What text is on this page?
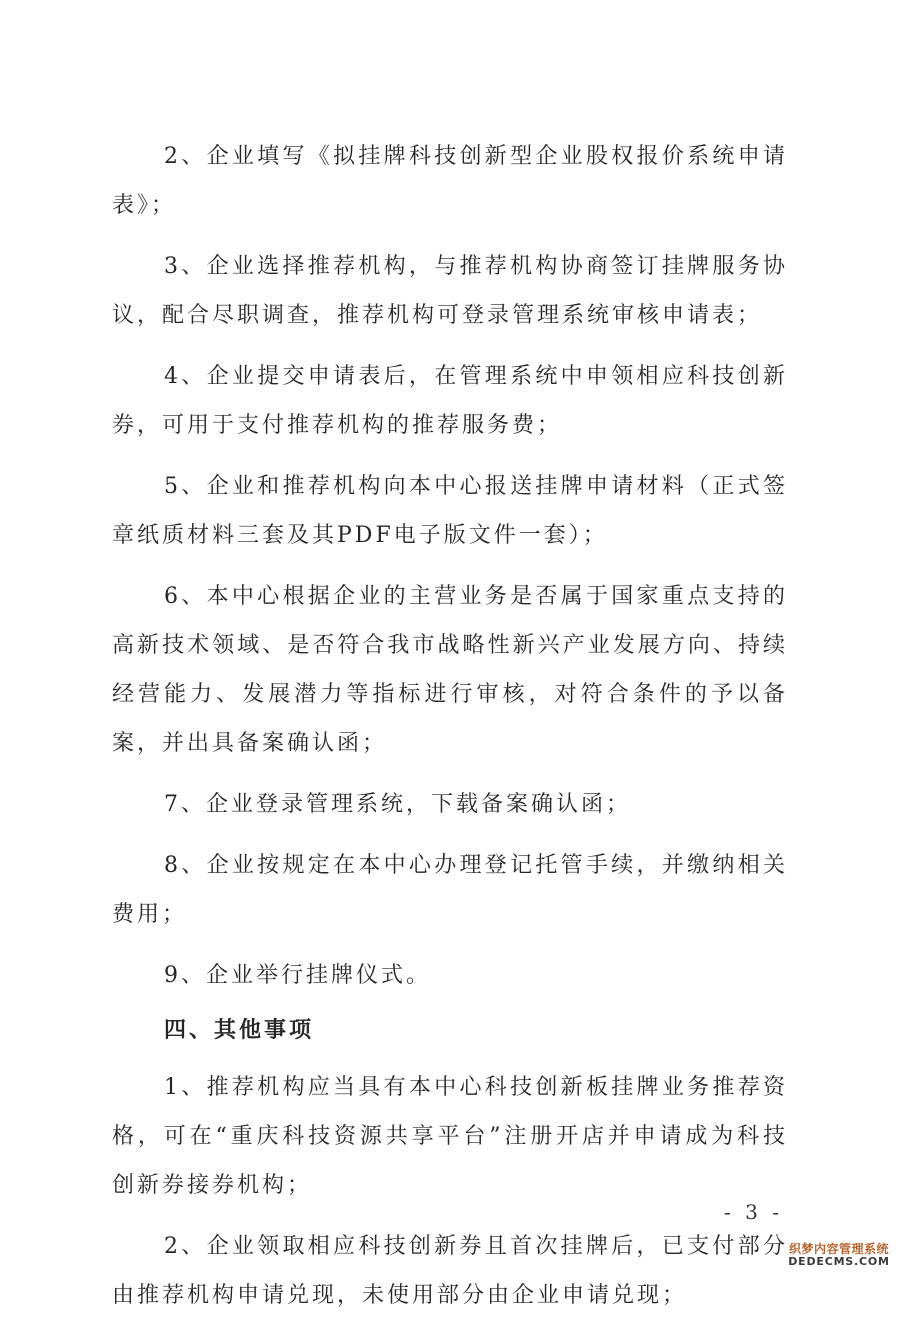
2、企业填写《拟挂牌科技创新型企业股权报价系统申请表》；

3、企业选择推荐机构，与推荐机构协商签订挂牌服务协议，配合尽职调查，推荐机构可登录管理系统审核申请表；

4、企业提交申请表后，在管理系统中申领相应科技创新券，可用于支付推荐机构的推荐服务费；

5、企业和推荐机构向本中心报送挂牌申请材料（正式签章纸质材料三套及其PDF电子版文件一套）；

6、本中心根据企业的主营业务是否属于国家重点支持的高新技术领域、是否符合我市战略性新兴产业发展方向、持续经营能力、发展潜力等指标进行审核，对符合条件的予以备案，并出具备案确认函；

7、企业登录管理系统，下载备案确认函；

8、企业按规定在本中心办理登记托管手续，并缴纳相关费用；

9、企业举行挂牌仪式。

四、其他事项

1、推荐机构应当具有本中心科技创新板挂牌业务推荐资格，可在“重庆科技资源共享平台”注册开店并申请成为科技创新券接券机构；

2、企业领取相应科技创新券且首次挂牌后，已支付部分由推荐机构申请兑现，未使用部分由企业申请兑现；

- 3 -
织梦内容管理系统
DEDECMS.COM
